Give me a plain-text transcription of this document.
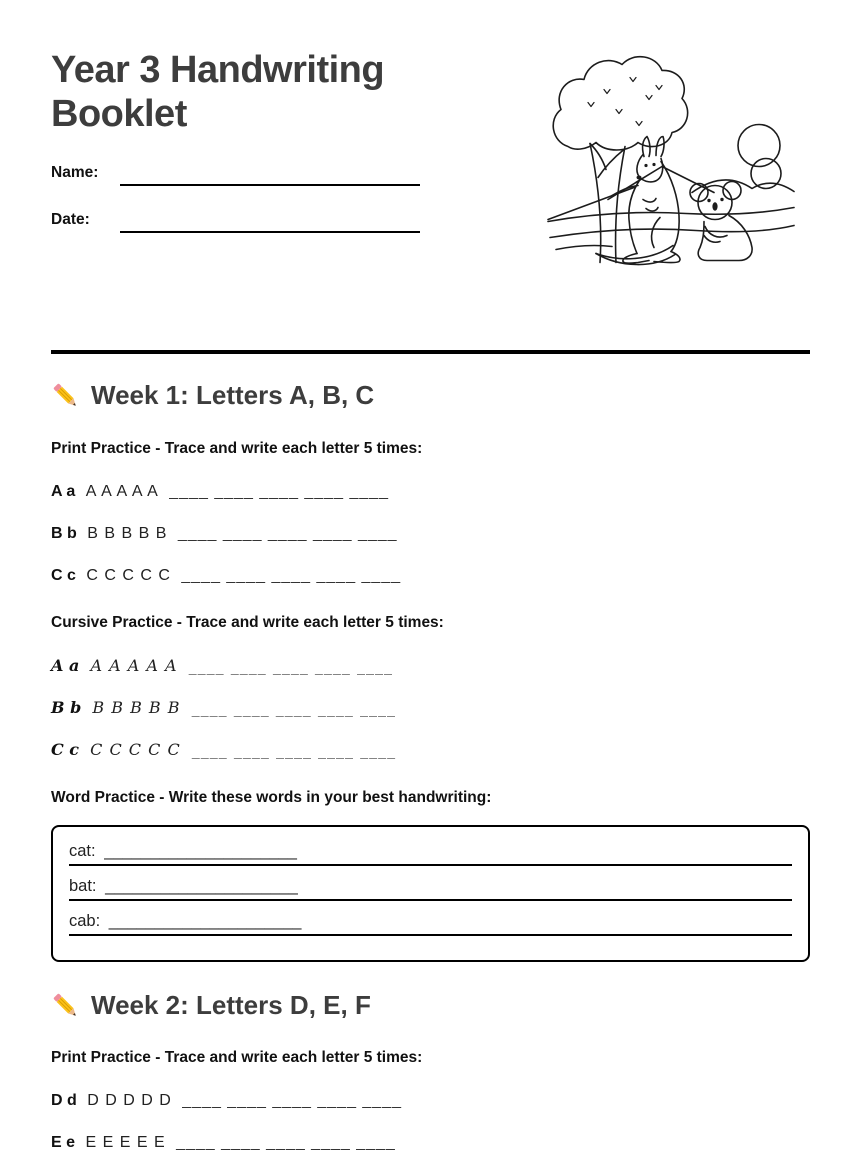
Year 3 Handwriting Booklet
Name:
Date:
Week 1: Letters A, B, C
Print Practice - Trace and write each letter 5 times:
A a A A A A A ____ ____ ____ ____ ____
B b B B B B B ____ ____ ____ ____ ____
C c C C C C C ____ ____ ____ ____ ____
Cursive Practice - Trace and write each letter 5 times:
A a A A A A A ____ ____ ____ ____ ____
B b B B B B B ____ ____ ____ ____ ____
C c C C C C C ____ ____ ____ ____ ____
Word Practice - Write these words in your best handwriting:
cat: _____________________
bat: _____________________
cab: _____________________
Week 2: Letters D, E, F
Print Practice - Trace and write each letter 5 times:
D d D D D D D ____ ____ ____ ____ ____
E e E E E E E ____ ____ ____ ____ ____
